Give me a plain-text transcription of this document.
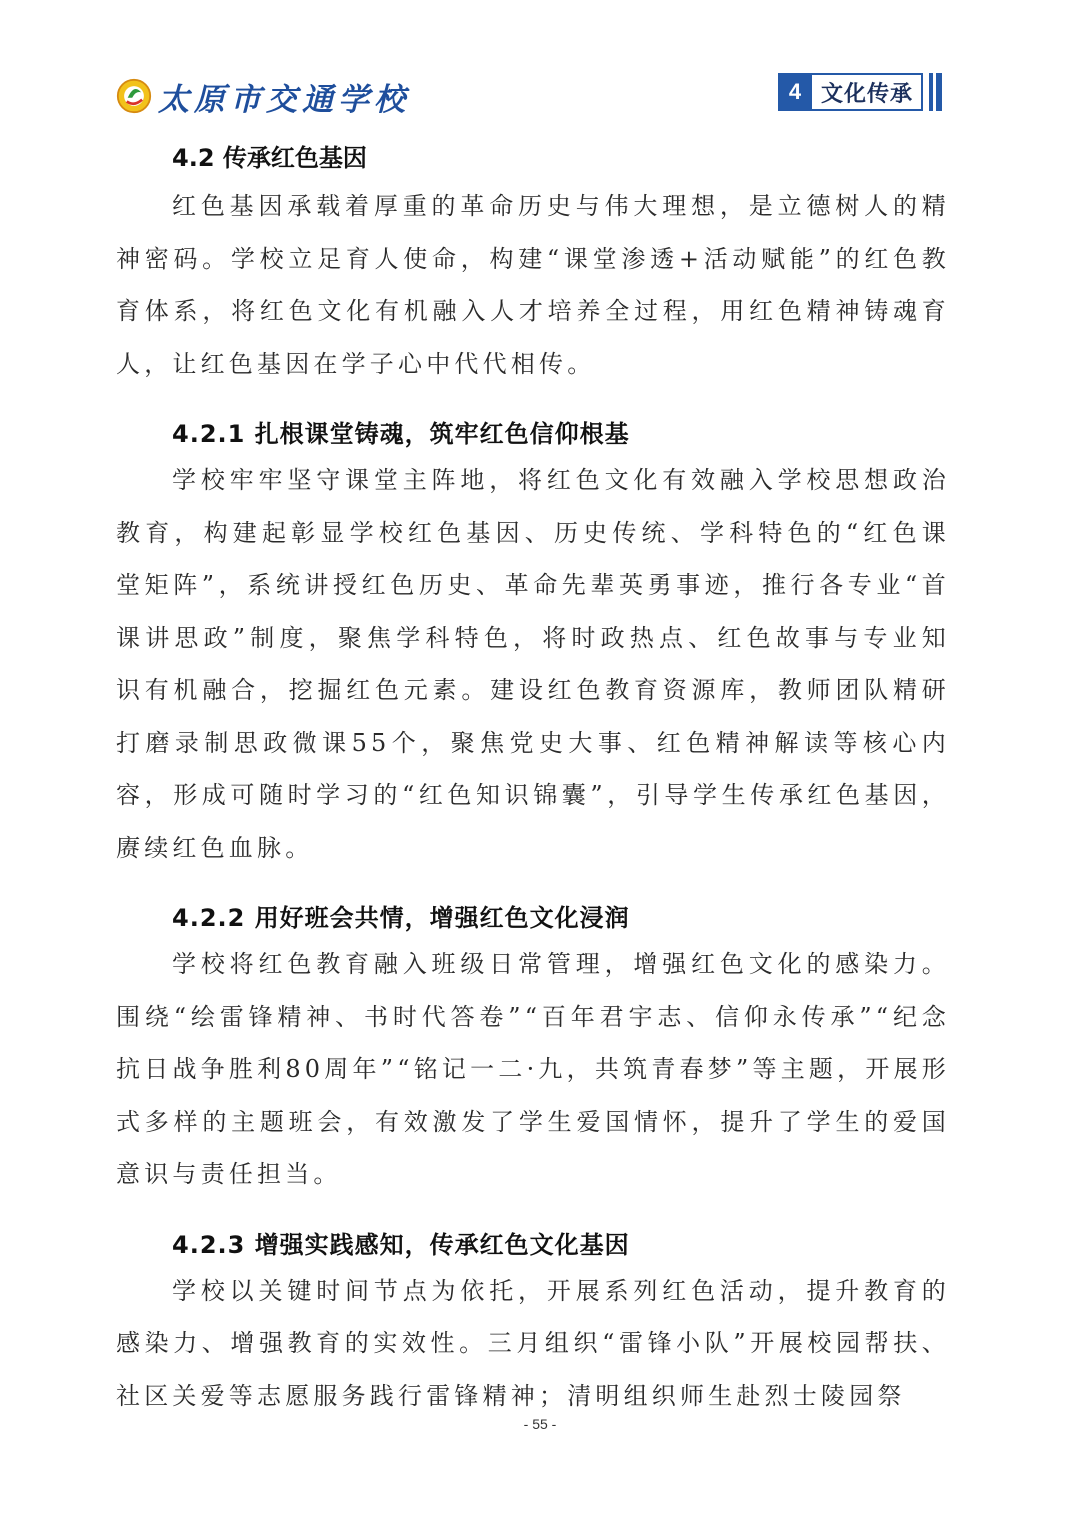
太原市交通学校	4 文化传承
4.2 传承红色基因

红色基因承载着厚重的革命历史与伟大理想，是立德树人的精神密码。学校立足育人使命，构建“课堂渗透+活动赋能”的红色教育体系，将红色文化有机融入人才培养全过程，用红色精神铸魂育人，让红色基因在学子心中代代相传。

4.2.1 扎根课堂铸魂，筑牢红色信仰根基

学校牢牢坚守课堂主阵地，将红色文化有效融入学校思想政治教育，构建起彰显学校红色基因、历史传统、学科特色的“红色课堂矩阵”，系统讲授红色历史、革命先辈英勇事迹，推行各专业“首课讲思政”制度，聚焦学科特色，将时政热点、红色故事与专业知识有机融合，挖掘红色元素。建设红色教育资源库，教师团队精研打磨录制思政微课55个，聚焦党史大事、红色精神解读等核心内容，形成可随时学习的“红色知识锦囊”，引导学生传承红色基因，赓续红色血脉。

4.2.2 用好班会共情，增强红色文化浸润

学校将红色教育融入班级日常管理，增强红色文化的感染力。围绕“绘雷锋精神、书时代答卷”“百年君宇志、信仰永传承”“纪念抗日战争胜利80周年”“铭记一二·九，共筑青春梦”等主题，开展形式多样的主题班会，有效激发了学生爱国情怀，提升了学生的爱国意识与责任担当。

4.2.3 增强实践感知，传承红色文化基因

学校以关键时间节点为依托，开展系列红色活动，提升教育的感染力、增强教育的实效性。三月组织“雷锋小队”开展校园帮扶、社区关爱等志愿服务践行雷锋精神；清明组织师生赴烈士陵园祭

- 55 -
